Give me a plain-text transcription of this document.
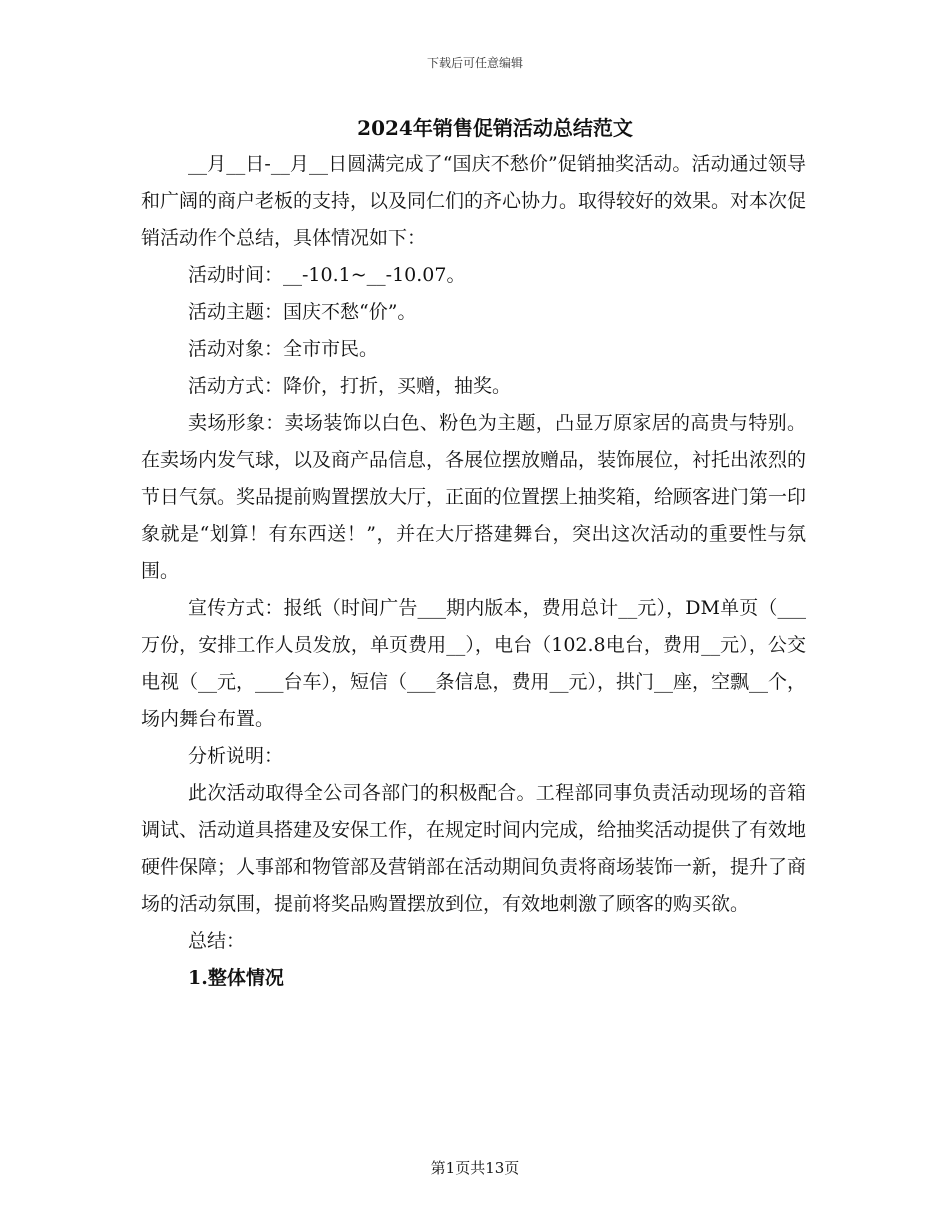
下载后可任意编辑
2024年销售促销活动总结范文

__月__日-__月__日圆满完成了“国庆不愁价”促销抽奖活动。活动通过领导和广阔的商户老板的支持，以及同仁们的齐心协力。取得较好的效果。对本次促销活动作个总结，具体情况如下：

活动时间：__-10.1~__-10.07。

活动主题：国庆不愁“价”。

活动对象：全市市民。

活动方式：降价，打折，买赠，抽奖。

卖场形象：卖场装饰以白色、粉色为主题，凸显万原家居的高贵与特别。在卖场内发气球，以及商产品信息，各展位摆放赠品，装饰展位，衬托出浓烈的节日气氛。奖品提前购置摆放大厅，正面的位置摆上抽奖箱，给顾客进门第一印象就是“划算！有东西送！”，并在大厅搭建舞台，突出这次活动的重要性与氛围。

宣传方式：报纸（时间广告___期内版本，费用总计__元），DM单页（___万份，安排工作人员发放，单页费用__），电台（102.8电台，费用__元），公交电视（__元，___台车），短信（___条信息，费用__元），拱门__座，空飘__个，场内舞台布置。

分析说明：

此次活动取得全公司各部门的积极配合。工程部同事负责活动现场的音箱调试、活动道具搭建及安保工作，在规定时间内完成，给抽奖活动提供了有效地硬件保障；人事部和物管部及营销部在活动期间负责将商场装饰一新，提升了商场的活动氛围，提前将奖品购置摆放到位，有效地刺激了顾客的购买欲。

总结：

1.整体情况

第1页共13页
